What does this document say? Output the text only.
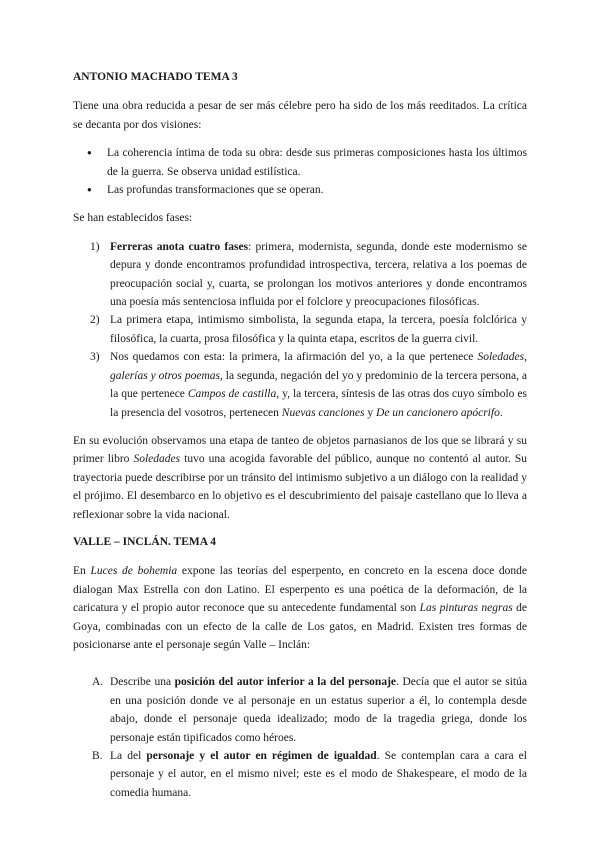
ANTONIO MACHADO TEMA 3

Tiene una obra reducida a pesar de ser más célebre pero ha sido de los más reeditados. La crítica se decanta por dos visiones:

● La coherencia íntima de toda su obra: desde sus primeras composiciones hasta los últimos de la guerra. Se observa unidad estilística.
● Las profundas transformaciones que se operan.

Se han establecidos fases:

1) Ferreras anota cuatro fases: primera, modernista, segunda, donde este modernismo se depura y donde encontramos profundidad introspectiva, tercera, relativa a los poemas de preocupación social y, cuarta, se prolongan los motivos anteriores y donde encontramos una poesía más sentenciosa influida por el folclore y preocupaciones filosóficas.
2) La primera etapa, intimismo simbolista, la segunda etapa, la tercera, poesía folclórica y filosófica, la cuarta, prosa filosófica y la quinta etapa, escritos de la guerra civil.
3) Nos quedamos con esta: la primera, la afirmación del yo, a la que pertenece Soledades, galerías y otros poemas, la segunda, negación del yo y predominio de la tercera persona, a la que pertenece Campos de castilla, y, la tercera, síntesis de las otras dos cuyo símbolo es la presencia del vosotros, pertenecen Nuevas canciones y De un cancionero apócrifo.

En su evolución observamos una etapa de tanteo de objetos parnasianos de los que se librará y su primer libro Soledades tuvo una acogida favorable del público, aunque no contentó al autor. Su trayectoria puede describirse por un tránsito del intimismo subjetivo a un diálogo con la realidad y el prójimo. El desembarco en lo objetivo es el descubrimiento del paisaje castellano que lo lleva a reflexionar sobre la vida nacional.

VALLE – INCLÁN. TEMA 4

En Luces de bohemia expone las teorías del esperpento, en concreto en la escena doce donde dialogan Max Estrella con don Latino. El esperpento es una poética de la deformación, de la caricatura y el propio autor reconoce que su antecedente fundamental son Las pinturas negras de Goya, combinadas con un efecto de la calle de Los gatos, en Madrid. Existen tres formas de posicionarse ante el personaje según Valle – Inclán:

A. Describe una posición del autor inferior a la del personaje. Decía que el autor se sitúa en una posición donde ve al personaje en un estatus superior a él, lo contempla desde abajo, donde el personaje queda idealizado; modo de la tragedia griega, donde los personaje están tipificados como héroes.
B. La del personaje y el autor en régimen de igualdad. Se contemplan cara a cara el personaje y el autor, en el mismo nivel; este es el modo de Shakespeare, el modo de la comedia humana.
